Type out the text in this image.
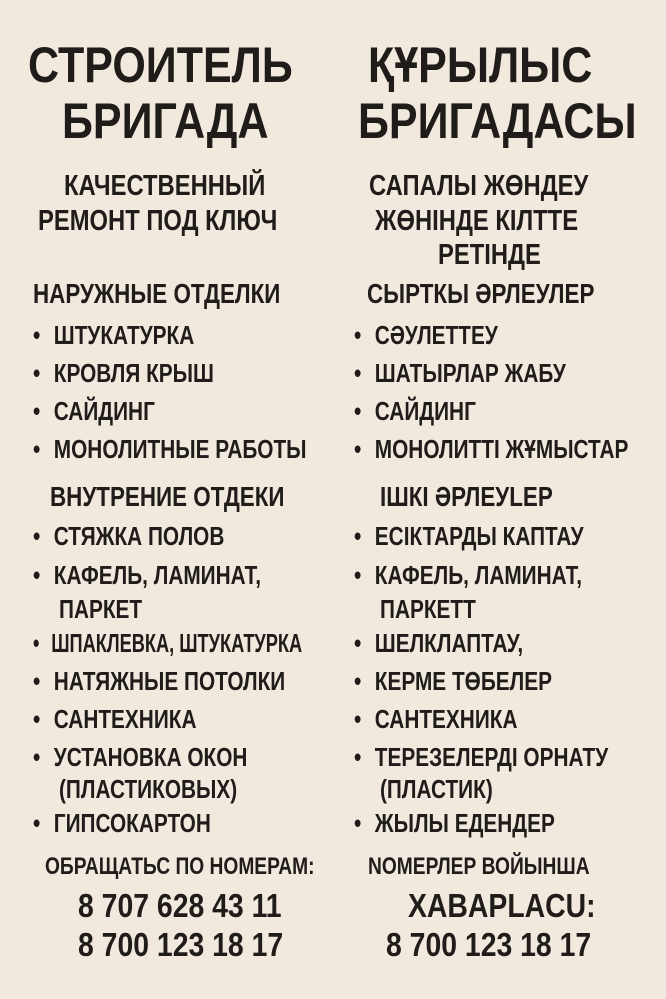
СТРОИТЕЛЬ
БРИГАДА
КАЧЕСТВЕННЫЙ
РЕМОНТ ПОД КЛЮЧ
НАРУЖНЫЕ ОТДЕЛКИ
• ШТУКАТУРКА
• КРОВЛЯ КРЫШ
• САЙДИНГ
• МОНОЛИТНЫЕ РАБОТЫ
ВНУТРЕНИЕ ОТДЕКИ
• СТЯЖКА ПОЛОВ
• КАФЕЛЬ, ЛАМИНАТ,
ПАРКЕТ
• ШПАКЛЕВКА, ШТУКАТУРКА
• НАТЯЖНЫЕ ПОТОЛКИ
• САНТЕХНИКА
• УСТАНОВКА ОКОН
(ПЛАСТИКОВЫХ)
• ГИПСОКАРТОН
ОБРАЩАТЬС ПО НОМЕРАМ:
8 707 628 43 11
8 700 123 18 17
ҚҰРЫЛЫС
БРИГАДАСЫ
САПАЛЫ ЖӨНДЕУ
ЖӨНІНДЕ КІЛТТЕ
РЕТІНДЕ
СЫРТКЫ ӘРЛЕУЛЕР
• СӘУЛЕТТЕУ
• ШАТЫРЛАР ЖАБУ
• САЙДИНГ
• МОНОЛИТТІ ЖҰМЫСТАР
ІШКІ ӘРЛЕУLЕР
• ЕСІКТАРДЫ КАПТАУ
• КАФЕЛЬ, ЛАМИНАТ,
ПАРКЕТТ
• ШЕЛКЛАПТАУ,
• КЕРМЕ ТӨБЕЛЕР
• САНТЕХНИКА
• ТЕРЕЗЕЛЕРДІ ОРНАТУ
(ПЛАСТИК)
• ЖЫЛЫ ЕДЕНДЕР
NОМЕРЛЕР ВОЙЫНША
XABAPLACU:
8 700 123 18 17
